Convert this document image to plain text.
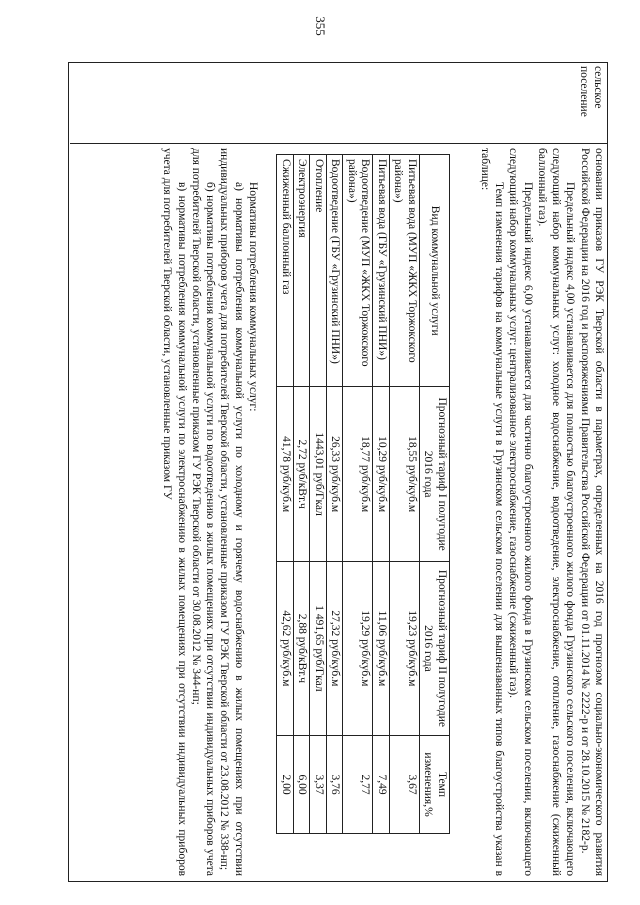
355
сельское поселение

основании приказов ГУ РЭК Тверской области в параметрах, определенных на 2016 год прогнозом социально-экономического развития Российской Федерации на 2016 год и распоряжениями Правительства Российской Федерации от 01.11.2014 № 2222-р и от 28.10.2015 № 2182-р.

Предельный индекс 4,00 устанавливается для полностью благоустроенного жилого фонда Грузинского сельского поселения, включающего следующий набор коммунальных услуг: холодное водоснабжение, водоотведение, электроснабжение, отопление, газоснабжение (сжиженный баллонный газ).

Предельный индекс 6,00 устанавливается для частично благоустроенного жилого фонда в Грузинском сельском поселении, включающего следующий набор коммунальных услуг: централизованное электроснабжение, газоснабжение (сжиженный газ).

Темп изменения тарифов на коммунальные услуги в Грузинском сельском поселении для вышеназванных типов благоустройства указан в таблице:

Вид коммунальной услуги	Прогнозный тариф I полугодие 2016 года	Прогнозный тариф II полугодие 2016 года	Темп изменения,%
Питьевая вода (МУП «ЖКХ Торжокского района»)	18,55 руб/куб.м	19,23 руб/куб.м	3,67
Питьевая вода (ГБУ «Грузинский ПНИ»)	10,29 руб/куб.м	11,06 руб/куб.м	7,49
Водоотведение (МУП «ЖКХ Торжокского района»)	18,77 руб/куб.м	19,29 руб/куб.м	2,77
Водоотведение (ГБУ «Грузинский ПНИ»)	26,33 руб/куб.м	27,32 руб/куб.м	3,76
Отопление	1443,01 руб/Гкал	1 491,65 руб/Гкал	3,37
Электроэнергия	2,72 руб/кВт.ч	2,88 руб/кВт.ч	6,00
Сжиженный баллонный газ	41,78 руб/куб.м	42,62 руб/куб.м	2,00

Нормативы потребления коммунальных услуг:

а) нормативы потребления коммунальной услуги по холодному и горячему водоснабжению в жилых помещениях при отсутствии индивидуальных приборов учета для потребителей Тверской области, установленные приказом ГУ РЭК Тверской области от 23.08.2012 № 338-нп;

б) нормативы потребления коммунальной услуги по водоотведению в жилых помещениях при отсутствии индивидуальных приборов учета для потребителей Тверской области, установленные приказом ГУ РЭК Тверской области от 30.08.2012 № 344-нп;

в) нормативы потребления коммунальной услуги по электроснабжению в жилых помещениях при отсутствии индивидуальных приборов учета для потребителей Тверской области, установленные приказом ГУ
